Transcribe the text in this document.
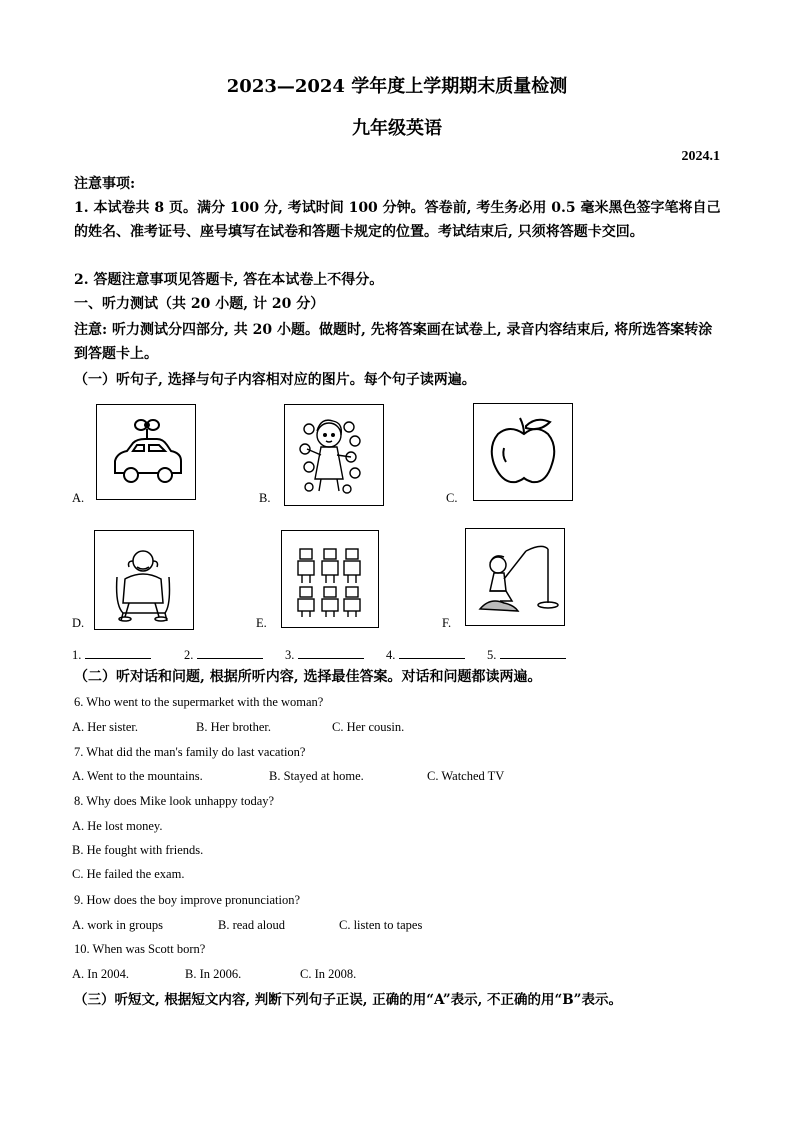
2023—2024 学年度上学期期末质量检测
九年级英语
2024.1
注意事项:
1. 本试卷共 8 页。满分 100 分, 考试时间 100 分钟。答卷前, 考生务必用 0.5 毫米黑色签字笔将自己的姓名、准考证号、座号填写在试卷和答题卡规定的位置。考试结束后, 只须将答题卡交回。
2. 答题注意事项见答题卡, 答在本试卷上不得分。
一、听力测试（共 20 小题, 计 20 分）
注意: 听力测试分四部分, 共 20 小题。做题时, 先将答案画在试卷上, 录音内容结束后, 将所选答案转涂到答题卡上。
（一）听句子, 选择与句子内容相对应的图片。每个句子读两遍。
A.	B.	C.
D.	E.	F.
1.	2.	3.	4.	5.
（二）听对话和问题, 根据所听内容, 选择最佳答案。对话和问题都读两遍。
6. Who went to the supermarket with the woman?
A. Her sister.	B. Her brother.	C. Her cousin.
7. What did the man's family do last vacation?
A. Went to the mountains.	B. Stayed at home.	C. Watched TV
8. Why does Mike look unhappy today?
A. He lost money.
B. He fought with friends.
C. He failed the exam.
9. How does the boy improve pronunciation?
A. work in groups	B. read aloud	C. listen to tapes
10. When was Scott born?
A. In 2004.	B. In 2006.	C. In 2008.
（三）听短文, 根据短文内容, 判断下列句子正误, 正确的用“A”表示, 不正确的用“B”表示。
